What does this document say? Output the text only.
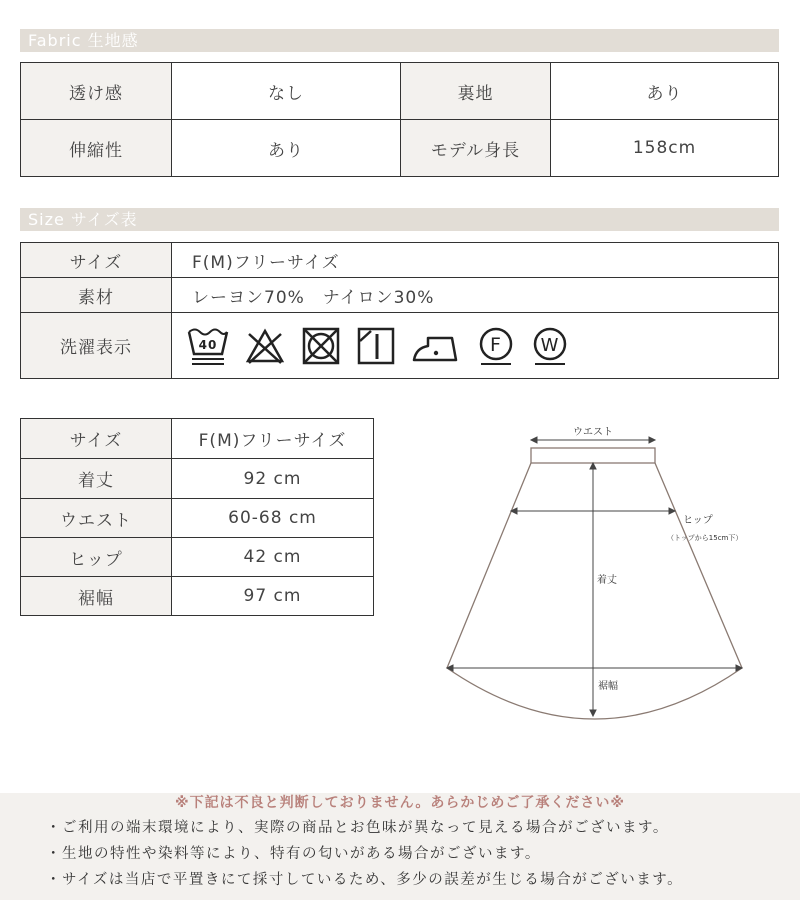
Fabric 生地感
透け感	なし	裏地	あり
伸縮性	あり	モデル身長	158cm
Size サイズ表
サイズ	F(M)フリーサイズ
素材	レーヨン70%　ナイロン30%
洗濯表示	40 F W
サイズ	F(M)フリーサイズ
着丈	92 cm
ウエスト	60-68 cm
ヒップ	42 cm
裾幅	97 cm
ウエスト
ヒップ
（トップから15cm下）
着丈
裾幅
※下記は不良と判断しておりません。あらかじめご了承ください※
・ご利用の端末環境により、実際の商品とお色味が異なって見える場合がございます。
・生地の特性や染料等により、特有の匂いがある場合がございます。
・サイズは当店で平置きにて採寸しているため、多少の誤差が生じる場合がございます。
